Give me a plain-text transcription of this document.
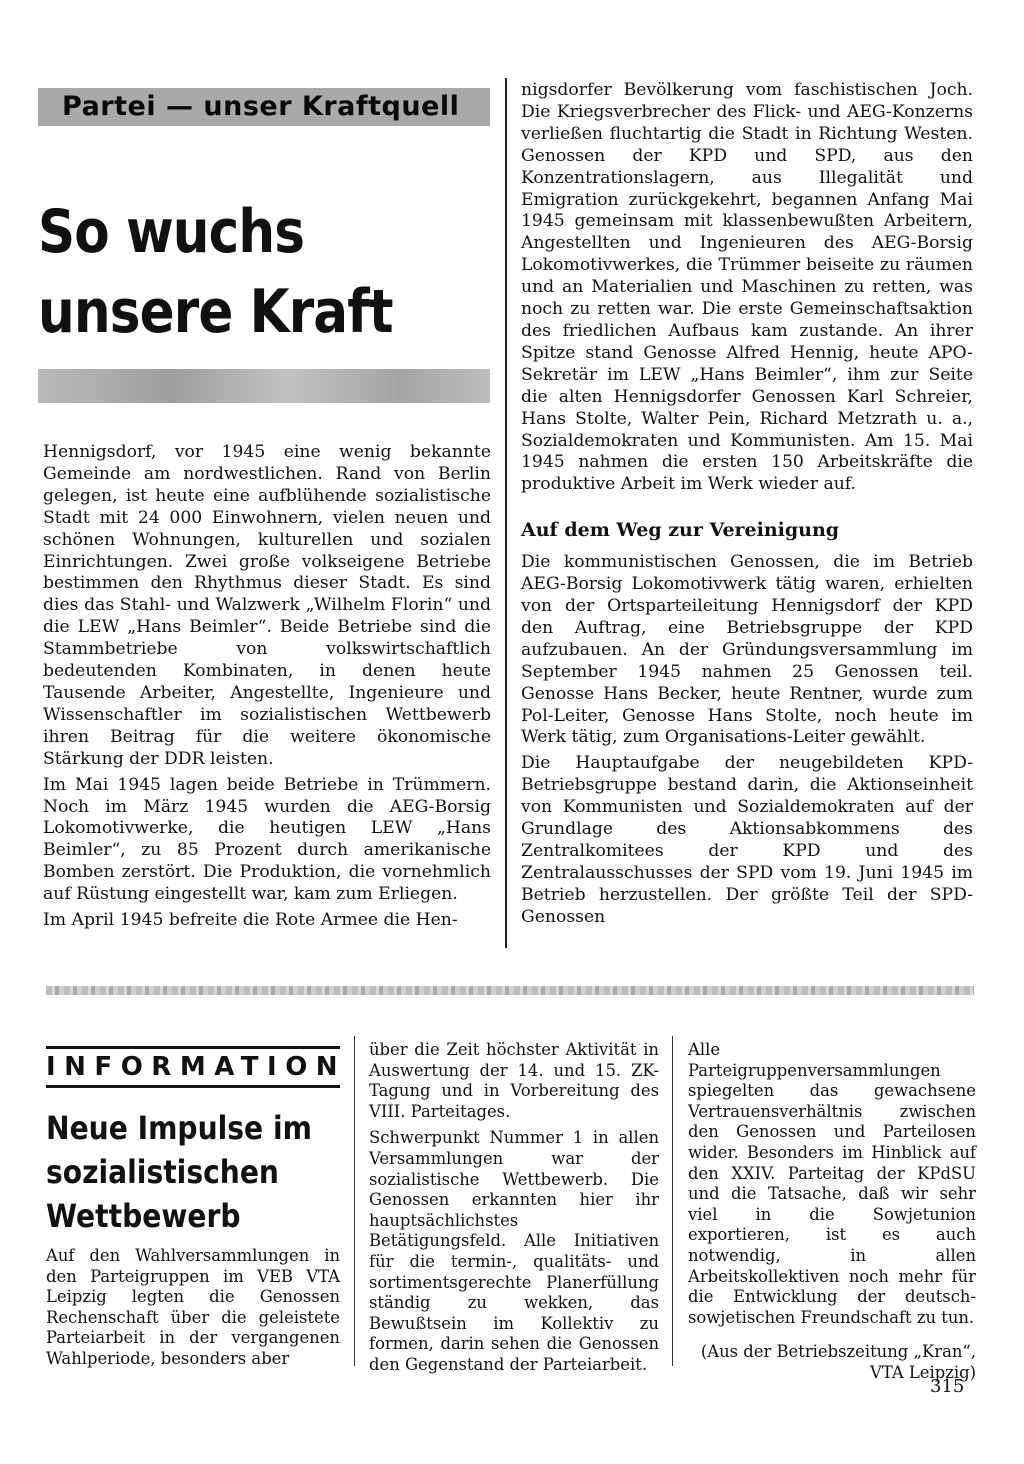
Partei — unser Kraftquell
So wuchs
unsere Kraft

Hennigsdorf, vor 1945 eine wenig bekannte Gemeinde am nordwestlichen. Rand von Berlin gelegen, ist heute eine aufblühende sozialistische Stadt mit 24 000 Einwohnern, vielen neuen und schönen Wohnungen, kulturellen und sozialen Einrichtungen. Zwei große volkseigene Betriebe bestimmen den Rhythmus dieser Stadt. Es sind dies das Stahl- und Walzwerk „Wilhelm Florin“ und die LEW „Hans Beimler“. Beide Betriebe sind die Stammbetriebe von volkswirtschaftlich bedeutenden Kombinaten, in denen heute Tausende Arbeiter, Angestellte, Ingenieure und Wissenschaftler im sozialistischen Wettbewerb ihren Beitrag für die weitere ökonomische Stärkung der DDR leisten.

Im Mai 1945 lagen beide Betriebe in Trümmern. Noch im März 1945 wurden die AEG-Borsig Lokomotivwerke, die heutigen LEW „Hans Beimler“, zu 85 Prozent durch amerikanische Bomben zerstört. Die Produktion, die vornehmlich auf Rüstung eingestellt war, kam zum Erliegen.

Im April 1945 befreite die Rote Armee die Hen-

nigsdorfer Bevölkerung vom faschistischen Joch. Die Kriegsverbrecher des Flick- und AEG-Konzerns verließen fluchtartig die Stadt in Richtung Westen. Genossen der KPD und SPD, aus den Konzentrationslagern, aus Illegalität und Emigration zurückgekehrt, begannen Anfang Mai 1945 gemeinsam mit klassenbewußten Arbeitern, Angestellten und Ingenieuren des AEG-Borsig Lokomotivwerkes, die Trümmer beiseite zu räumen und an Materialien und Maschinen zu retten, was noch zu retten war. Die erste Gemeinschaftsaktion des friedlichen Aufbaus kam zustande. An ihrer Spitze stand Genosse Alfred Hennig, heute APO-Sekretär im LEW „Hans Beimler“, ihm zur Seite die alten Hennigsdorfer Genossen Karl Schreier, Hans Stolte, Walter Pein, Richard Metzrath u. a., Sozialdemokraten und Kommunisten. Am 15. Mai 1945 nahmen die ersten 150 Arbeitskräfte die produktive Arbeit im Werk wieder auf.

Auf dem Weg zur Vereinigung

Die kommunistischen Genossen, die im Betrieb AEG-Borsig Lokomotivwerk tätig waren, erhielten von der Ortsparteileitung Hennigsdorf der KPD den Auftrag, eine Betriebsgruppe der KPD aufzubauen. An der Gründungsversammlung im September 1945 nahmen 25 Genossen teil. Genosse Hans Becker, heute Rentner, wurde zum Pol-Leiter, Genosse Hans Stolte, noch heute im Werk tätig, zum Organisations-Leiter gewählt.

Die Hauptaufgabe der neugebildeten KPD-Betriebsgruppe bestand darin, die Aktionseinheit von Kommunisten und Sozialdemokraten auf der Grundlage des Aktionsabkommens des Zentralkomitees der KPD und des Zentralausschusses der SPD vom 19. Juni 1945 im Betrieb herzustellen. Der größte Teil der SPD-Genossen

INFORMATION
Neue Impulse im
sozialistischen
Wettbewerb

Auf den Wahlversammlungen in den Parteigruppen im VEB VTA Leipzig legten die Genossen Rechenschaft über die geleistete Parteiarbeit in der vergangenen Wahlperiode, besonders aber

über die Zeit höchster Aktivität in Auswertung der 14. und 15. ZK-Tagung und in Vorbereitung des VIII. Parteitages.

Schwerpunkt Nummer 1 in allen Versammlungen war der sozialistische Wettbewerb. Die Genossen erkannten hier ihr hauptsächlichstes Betätigungsfeld. Alle Initiativen für die termin-, qualitäts- und sortimentsgerechte Planerfüllung ständig zu wekken, das Bewußtsein im Kollektiv zu formen, darin sehen die Genossen den Gegenstand der Parteiarbeit.

Alle Parteigruppenversammlungen spiegelten das gewachsene Vertrauensverhältnis zwischen den Genossen und Parteilosen wider. Besonders im Hinblick auf den XXIV. Parteitag der KPdSU und die Tatsache, daß wir sehr viel in die Sowjetunion exportieren, ist es auch notwendig, in allen Arbeitskollektiven noch mehr für die Entwicklung der deutsch-sowjetischen Freundschaft zu tun.

(Aus der Betriebszeitung „Kran“,

VTA Leipzig)

315
